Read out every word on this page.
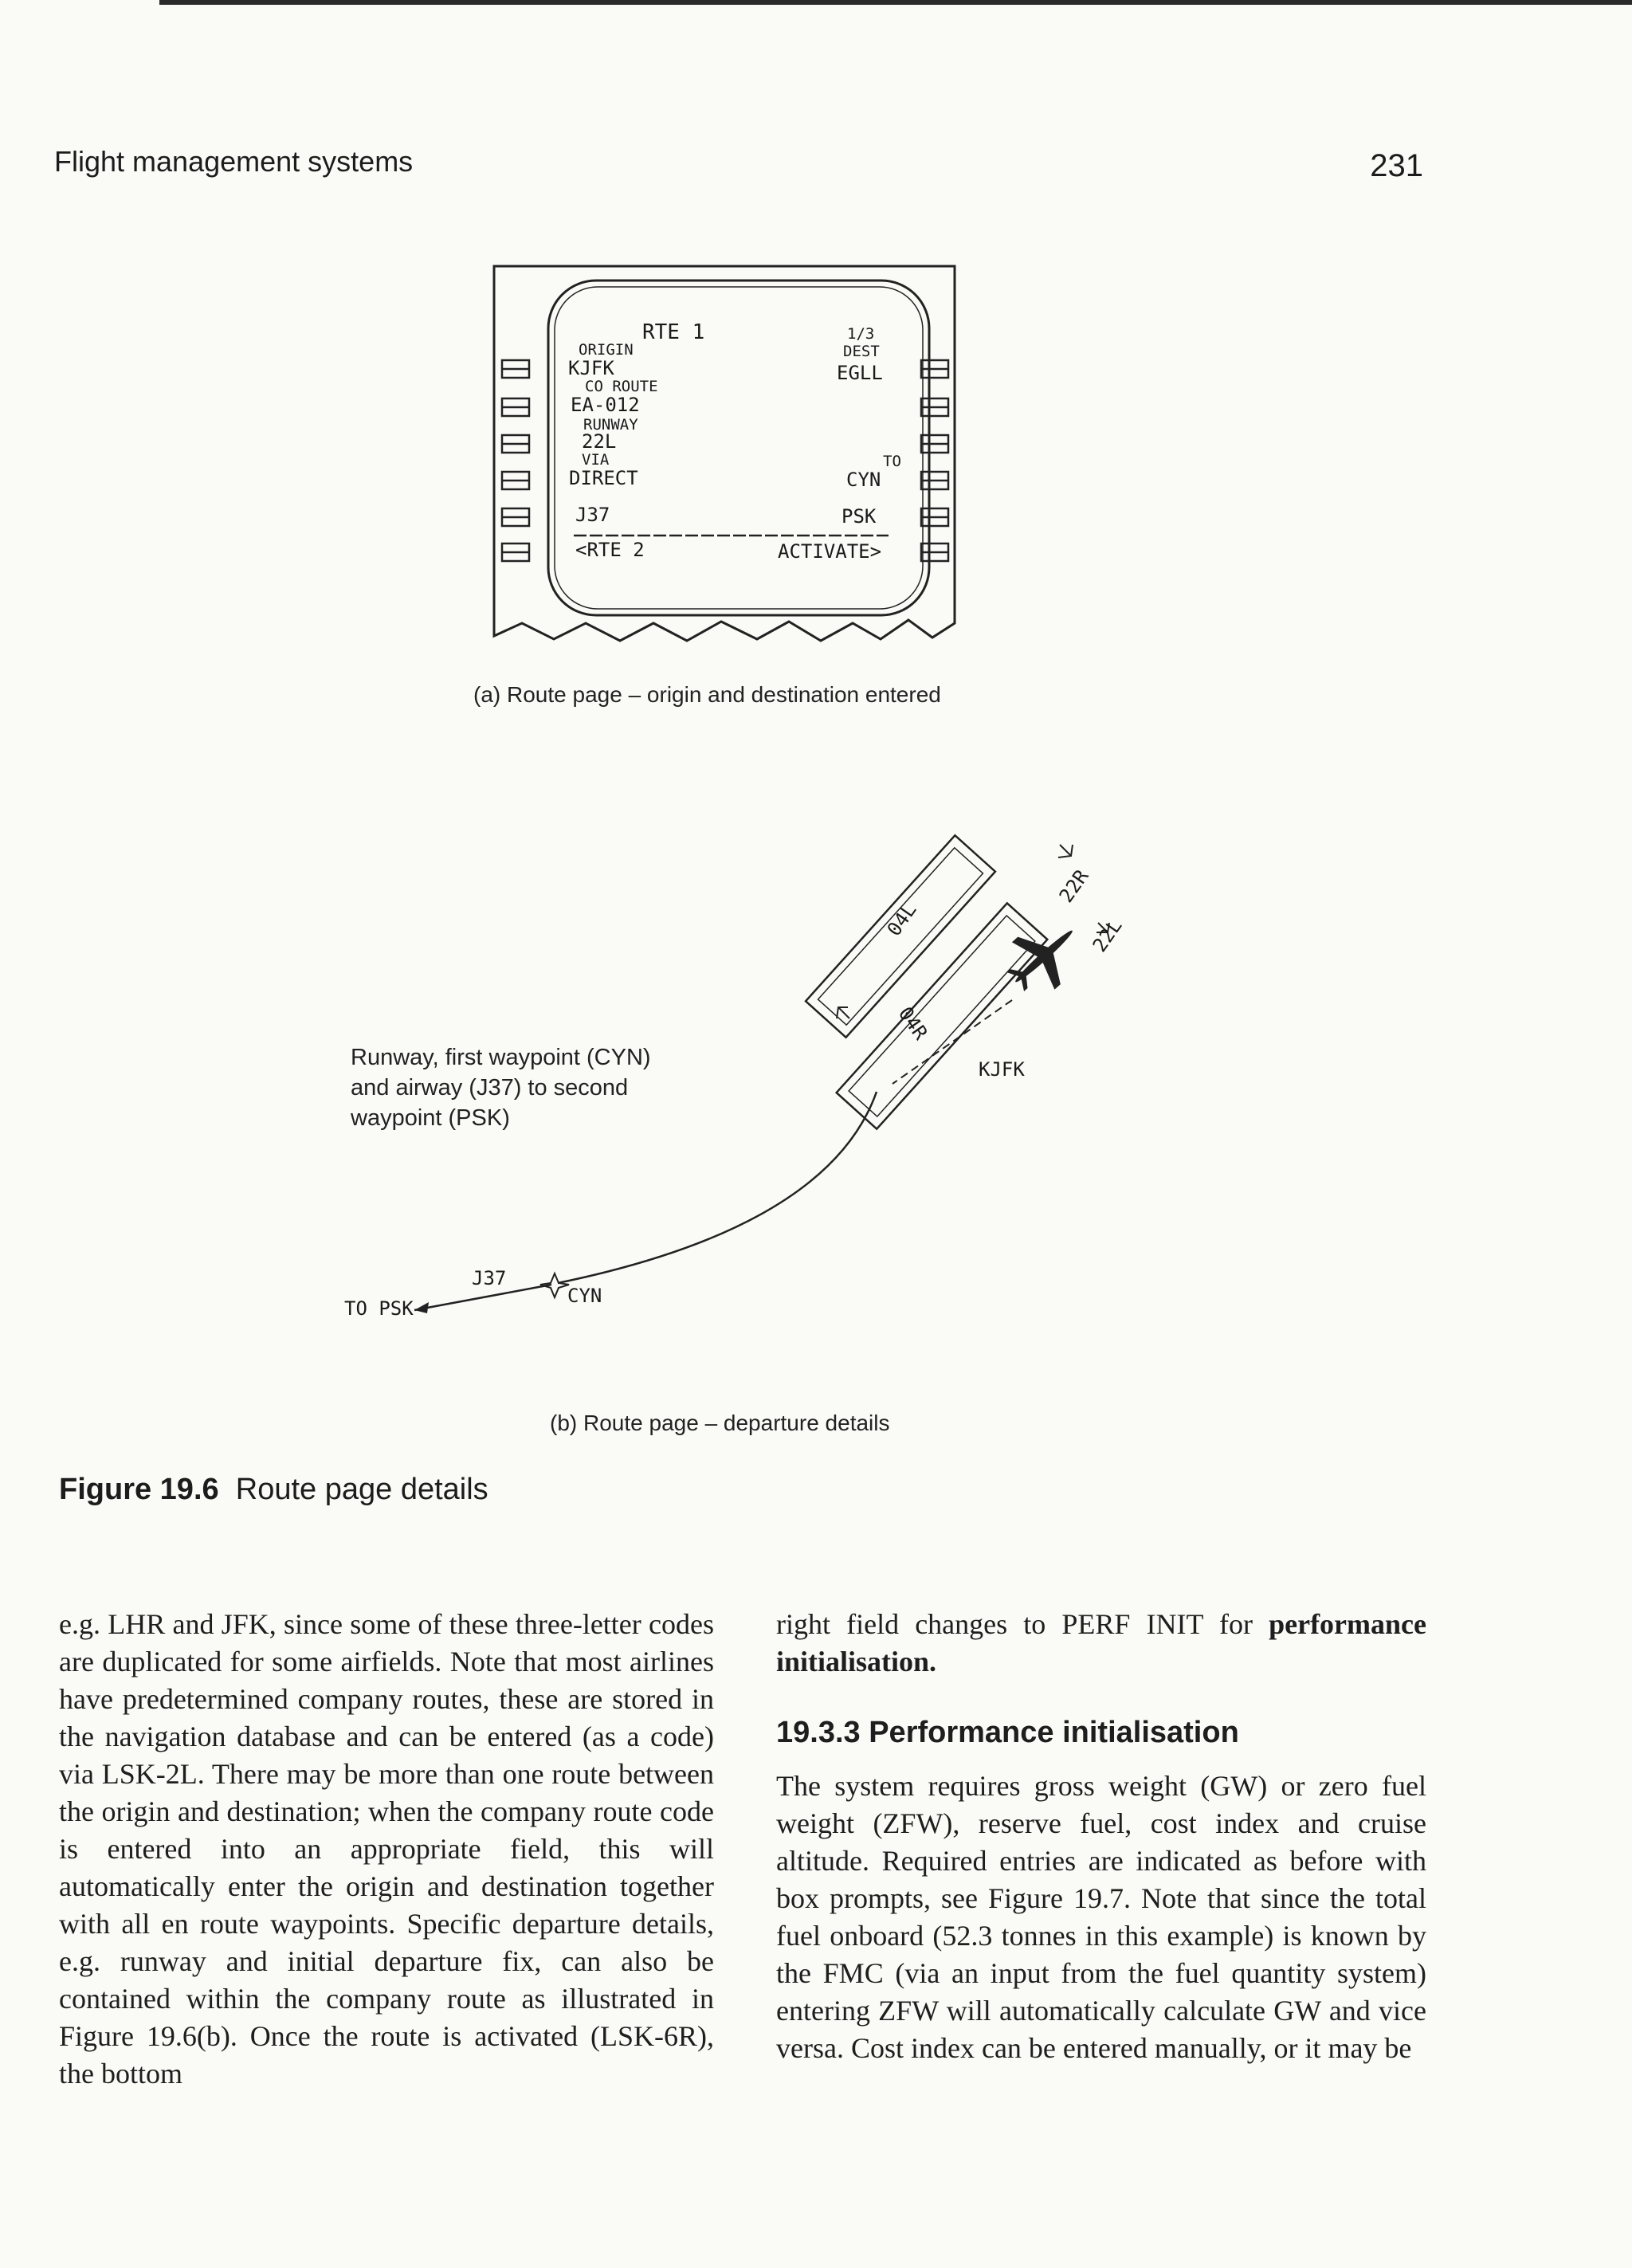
Flight management systems	231
RTE 1	1/3
ORIGIN	DEST
KJFK	EGLL
CO ROUTE
EA-012
RUNWAY
22L
VIA	TO
DIRECT	CYN
J37	PSK
<RTE 2	ACTIVATE>
(a) Route page – origin and destination entered
04L
22R
22L
04R
KJFK
Runway, first waypoint (CYN)
and airway (J37) to second
waypoint (PSK)
J37
CYN
TO PSK
(b) Route page – departure details
Figure 19.6 Route page details

e.g. LHR and JFK, since some of these three-letter codes are duplicated for some airfields. Note that most airlines have predetermined company routes, these are stored in the navigation database and can be entered (as a code) via LSK-2L. There may be more than one route between the origin and destination; when the company route code is entered into an appropriate field, this will automatically enter the origin and destination together with all en route waypoints. Specific departure details, e.g. runway and initial departure fix, can also be contained within the company route as illustrated in Figure 19.6(b). Once the route is activated (LSK-6R), the bottom

right field changes to PERF INIT for performance initialisation.

19.3.3 Performance initialisation

The system requires gross weight (GW) or zero fuel weight (ZFW), reserve fuel, cost index and cruise altitude. Required entries are indicated as before with box prompts, see Figure 19.7. Note that since the total fuel onboard (52.3 tonnes in this example) is known by the FMC (via an input from the fuel quantity system) entering ZFW will automatically calculate GW and vice versa. Cost index can be entered manually, or it may be
